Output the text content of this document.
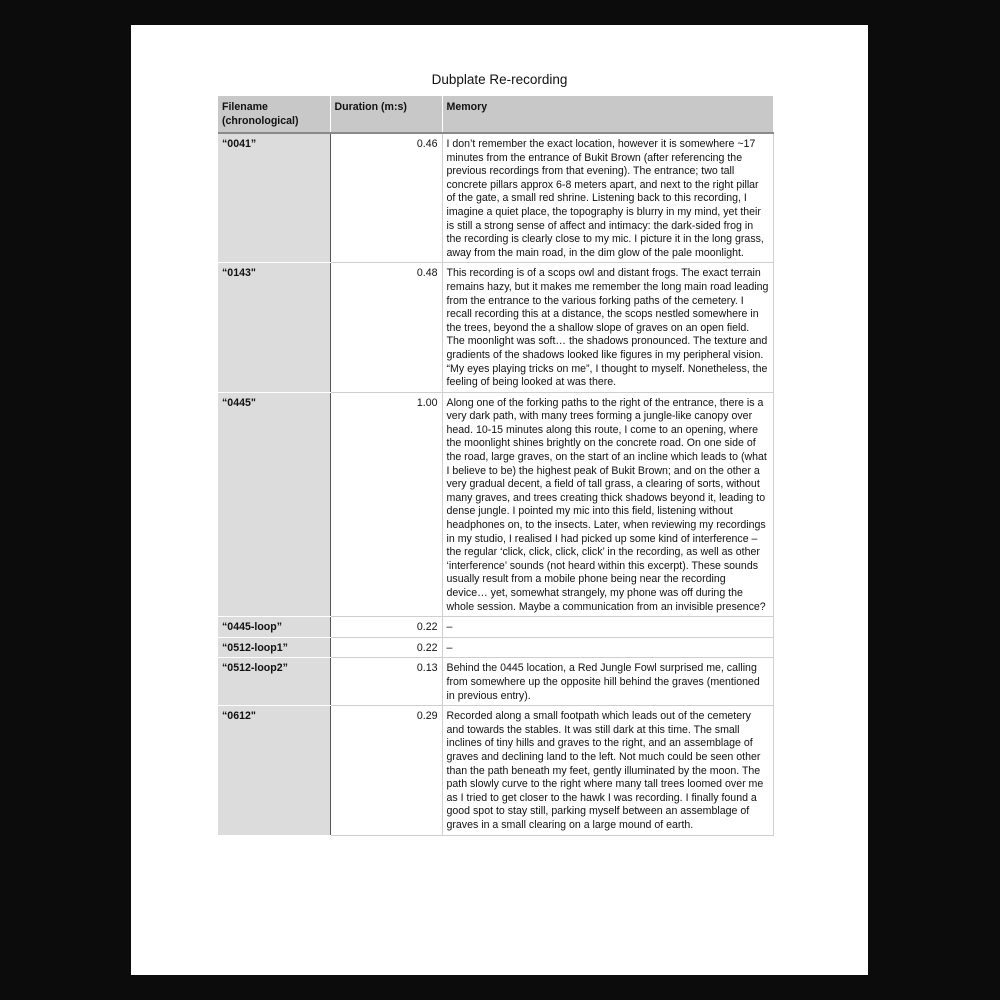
Dubplate Re-recording
Filename (chronological)	Duration (m:s)	Memory
“0041”	0.46	I don’t remember the exact location, however it is somewhere ~17 minutes from the entrance of Bukit Brown (after referencing the previous recordings from that evening). The entrance; two tall concrete pillars approx 6-8 meters apart, and next to the right pillar of the gate, a small red shrine. Listening back to this recording, I imagine a quiet place, the topography is blurry in my mind, yet their is still a strong sense of affect and intimacy: the dark-sided frog in the recording is clearly close to my mic. I picture it in the long grass, away from the main road, in the dim glow of the pale moonlight.
“0143"	0.48	This recording is of a scops owl and distant frogs. The exact terrain remains hazy, but it makes me remember the long main road leading from the entrance to the various forking paths of the cemetery. I recall recording this at a distance, the scops nestled somewhere in the trees, beyond the a shallow slope of graves on an open field. The moonlight was soft… the shadows pronounced. The texture and gradients of the shadows looked like figures in my peripheral vision. “My eyes playing tricks on me”, I thought to myself. Nonetheless, the feeling of being looked at was there.
“0445"	1.00	Along one of the forking paths to the right of the entrance, there is a very dark path, with many trees forming a jungle-like canopy over head. 10-15 minutes along this route, I come to an opening, where the moonlight shines brightly on the concrete road. On one side of the road, large graves, on the start of an incline which leads to (what I believe to be) the highest peak of Bukit Brown; and on the other a very gradual decent, a field of tall grass, a clearing of sorts, without many graves, and trees creating thick shadows beyond it, leading to dense jungle. I pointed my mic into this field, listening without headphones on, to the insects. Later, when reviewing my recordings in my studio, I realised I had picked up some kind of interference – the regular ‘click, click, click, click’ in the recording, as well as other ‘interference’ sounds (not heard within this excerpt). These sounds usually result from a mobile phone being near the recording device… yet, somewhat strangely, my phone was off during the whole session. Maybe a communication from an invisible presence?
“0445-loop”	0.22	–
“0512-loop1”	0.22	–
“0512-loop2”	0.13	Behind the 0445 location, a Red Jungle Fowl surprised me, calling from somewhere up the opposite hill behind the graves (mentioned in previous entry).
“0612"	0.29	Recorded along a small footpath which leads out of the cemetery and towards the stables. It was still dark at this time. The small inclines of tiny hills and graves to the right, and an assemblage of graves and declining land to the left. Not much could be seen other than the path beneath my feet, gently illuminated by the moon. The path slowly curve to the right where many tall trees loomed over me as I tried to get closer to the hawk I was recording. I finally found a good spot to stay still, parking myself between an assemblage of graves in a small clearing on a large mound of earth.
